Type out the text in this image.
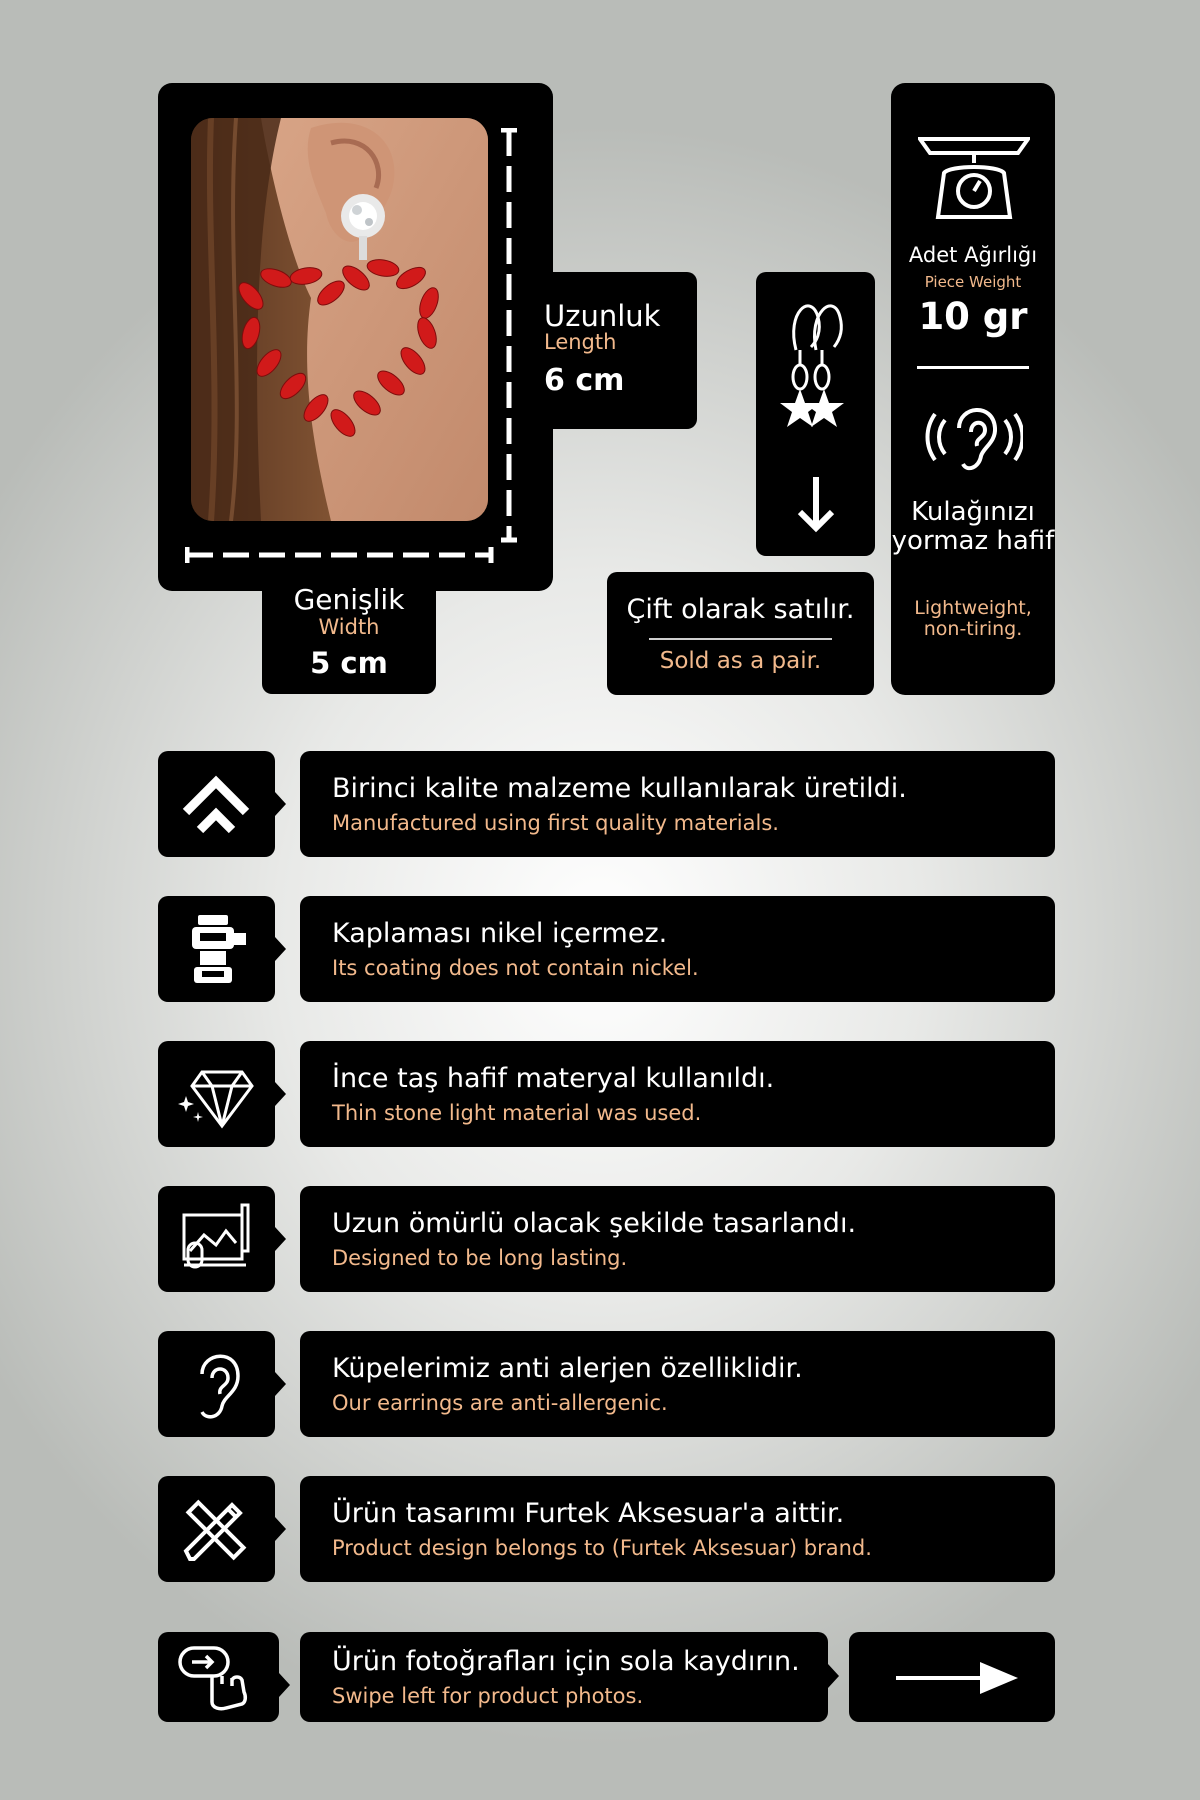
Uzunluk
Length
6 cm
Genişlik
Width
5 cm
Çift olarak satılır.
Sold as a pair.
Adet Ağırlığı
Piece Weight
10 gr
Kulağınızı yormaz hafif
Lightweight, non-tiring.
Birinci kalite malzeme kullanılarak üretildi.
Manufactured using first quality materials.
Kaplaması nikel içermez.
Its coating does not contain nickel.
İnce taş hafif materyal kullanıldı.
Thin stone light material was used.
Uzun ömürlü olacak şekilde tasarlandı.
Designed to be long lasting.
Küpelerimiz anti alerjen özelliklidir.
Our earrings are anti-allergenic.
Ürün tasarımı Furtek Aksesuar'a aittir.
Product design belongs to (Furtek Aksesuar) brand.
Ürün fotoğrafları için sola kaydırın.
Swipe left for product photos.
